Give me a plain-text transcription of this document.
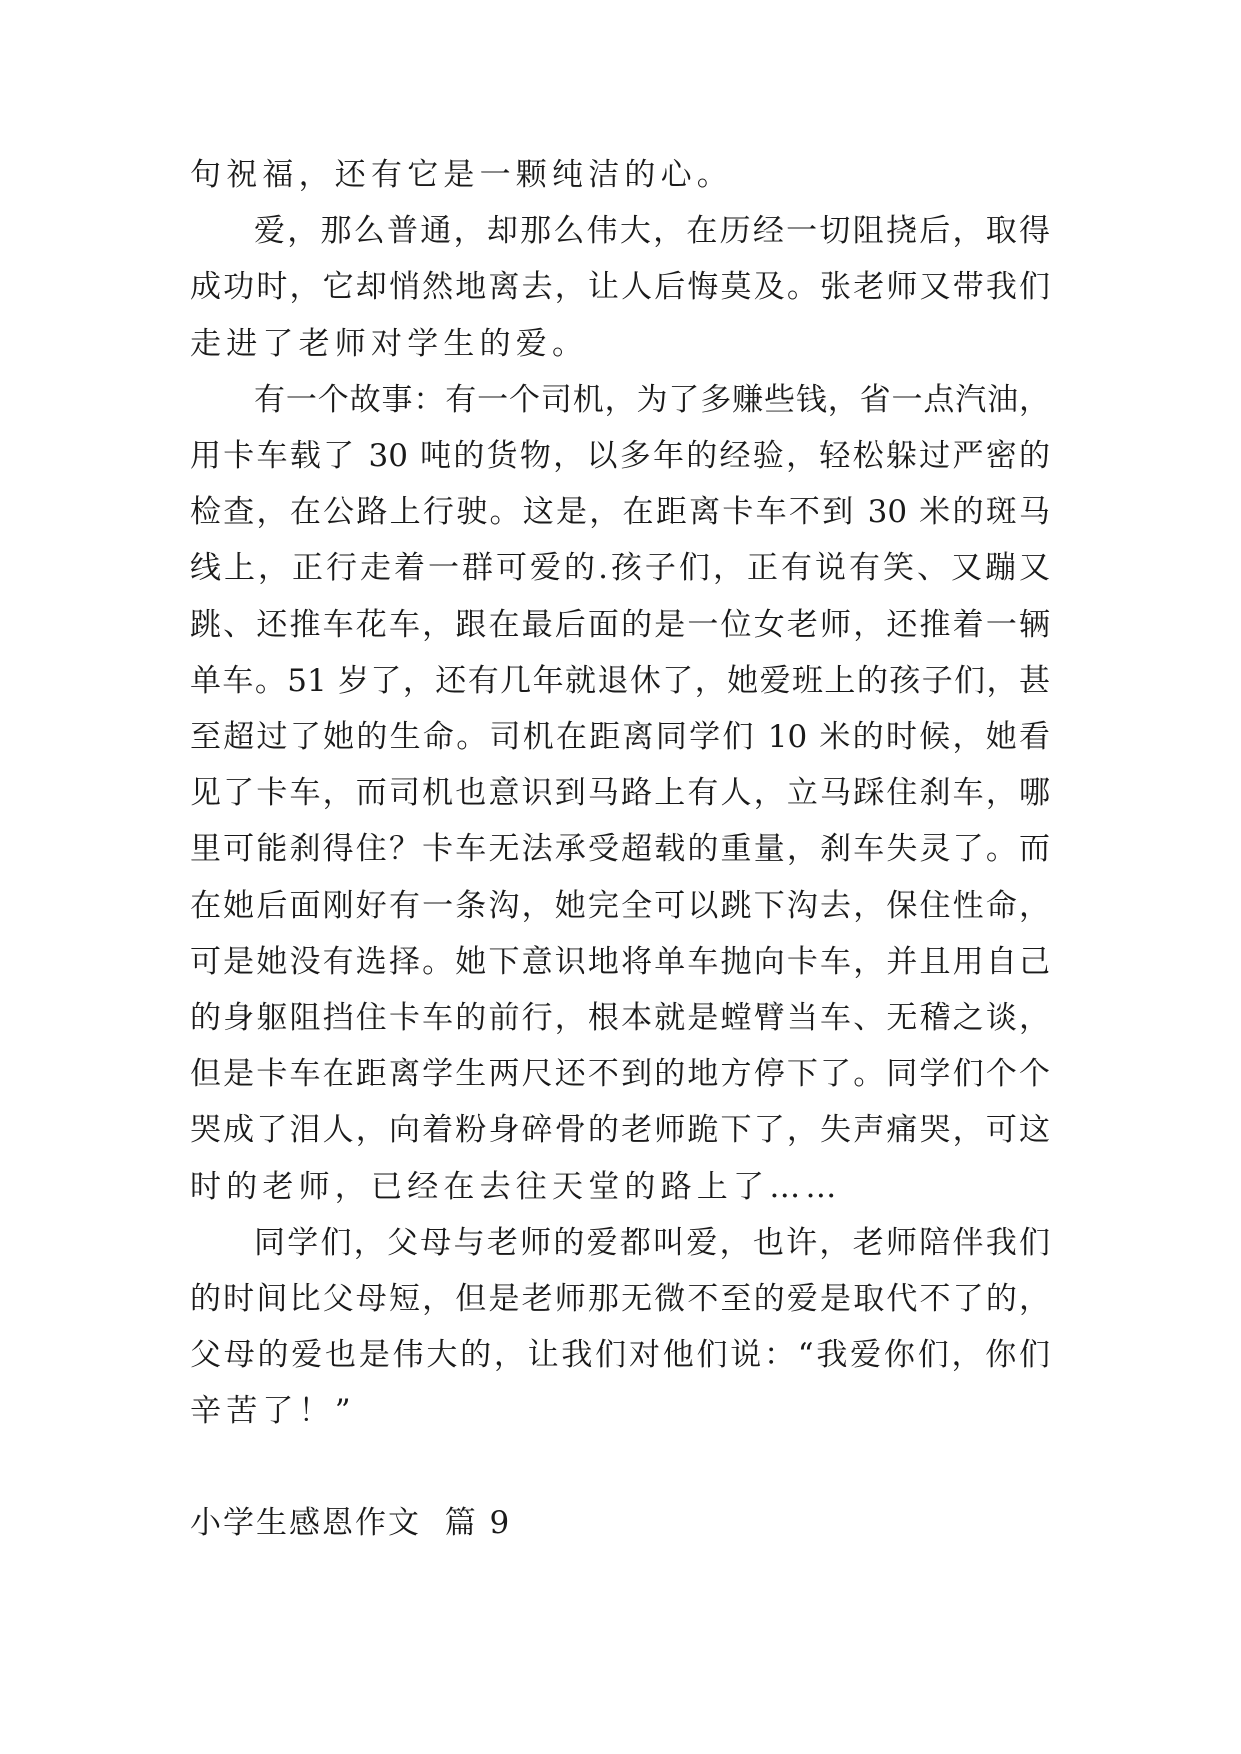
句祝福，还有它是一颗纯洁的心。
爱，那么普通，却那么伟大，在历经一切阻挠后，取得
成功时，它却悄然地离去，让人后悔莫及。张老师又带我们
走进了老师对学生的爱。
有一个故事：有一个司机，为了多赚些钱，省一点汽油，
用卡车载了 30 吨的货物，以多年的经验，轻松躲过严密的
检查，在公路上行驶。这是，在距离卡车不到 30 米的斑马
线上，正行走着一群可爱的.孩子们，正有说有笑、又蹦又
跳、还推车花车，跟在最后面的是一位女老师，还推着一辆
单车。51 岁了，还有几年就退休了，她爱班上的孩子们，甚
至超过了她的生命。司机在距离同学们 10 米的时候，她看
见了卡车，而司机也意识到马路上有人，立马踩住刹车，哪
里可能刹得住？卡车无法承受超载的重量，刹车失灵了。而
在她后面刚好有一条沟，她完全可以跳下沟去，保住性命，
可是她没有选择。她下意识地将单车抛向卡车，并且用自己
的身躯阻挡住卡车的前行，根本就是螳臂当车、无稽之谈，
但是卡车在距离学生两尺还不到的地方停下了。同学们个个
哭成了泪人，向着粉身碎骨的老师跪下了，失声痛哭，可这
时的老师，已经在去往天堂的路上了……
同学们，父母与老师的爱都叫爱，也许，老师陪伴我们
的时间比父母短，但是老师那无微不至的爱是取代不了的，
父母的爱也是伟大的，让我们对他们说：“我爱你们，你们
辛苦了！”
小学生感恩作文  篇 9
